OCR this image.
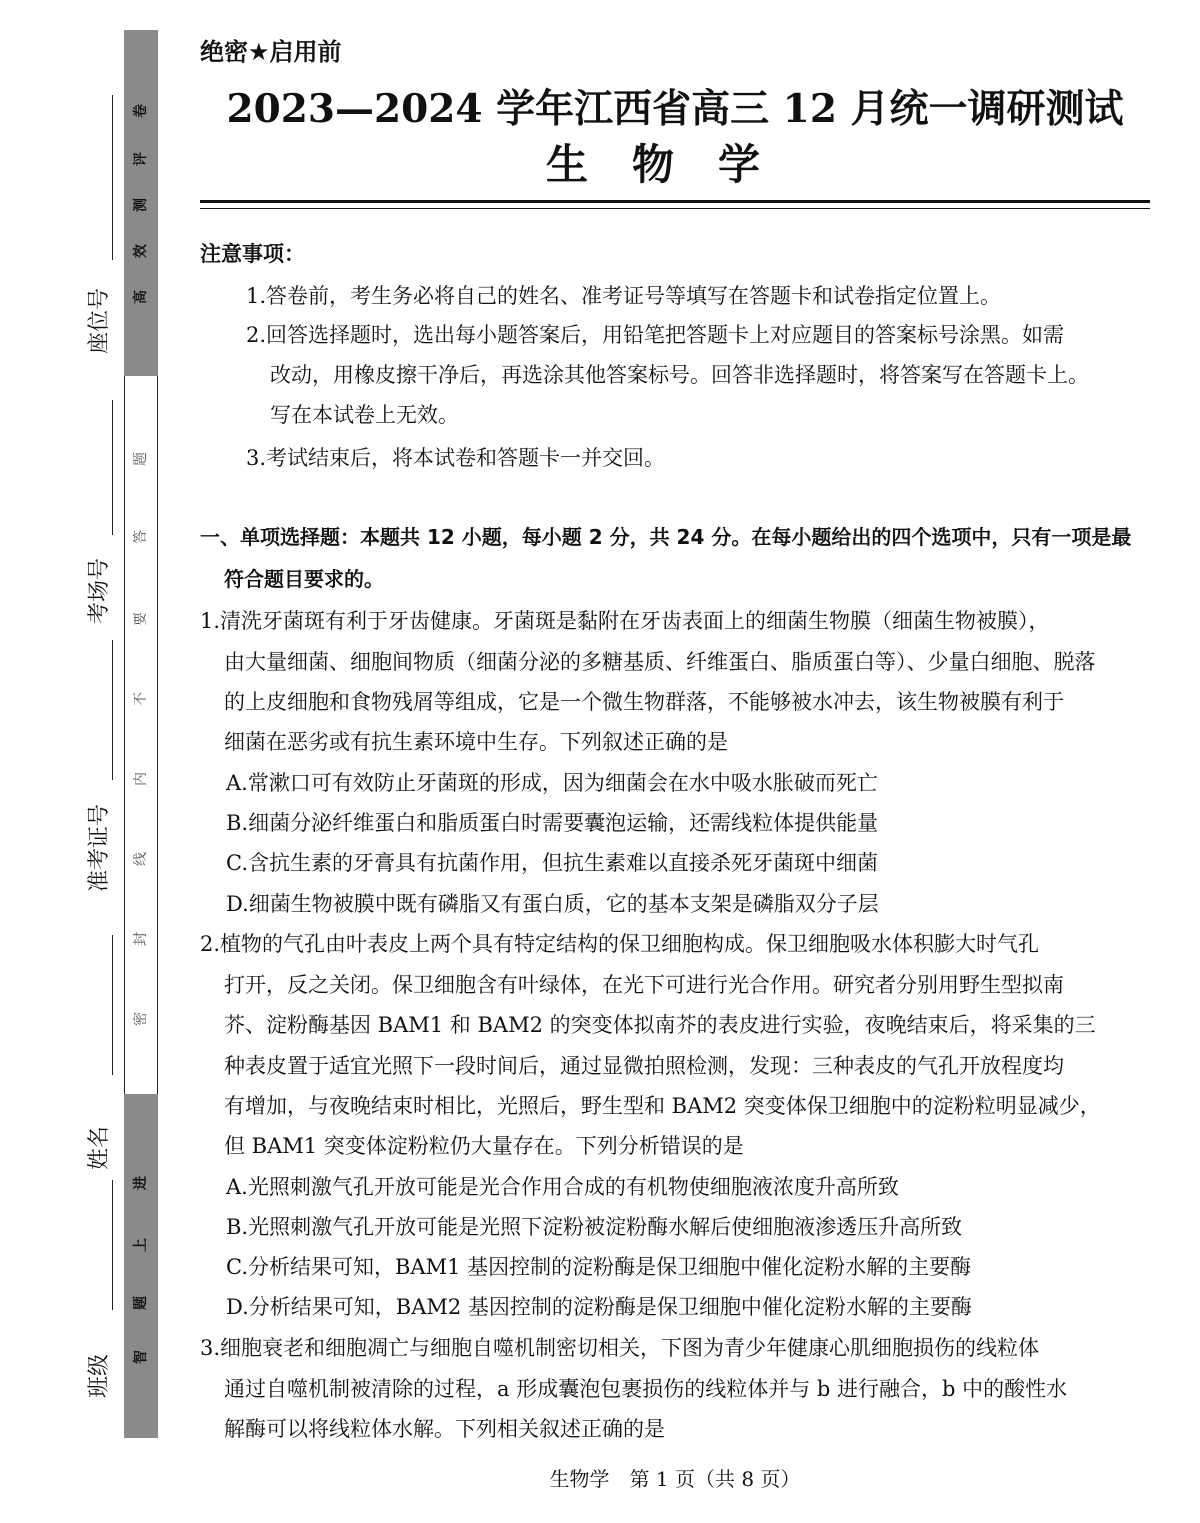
卷
评
测
效
高
题
答
要
不
内
线
封
密
进
上
题
智
座位号
考场号
准考证号
姓名
班级
绝密★启用前
2023—2024 学年江西省高三 12 月统一调研测试
生物学
注意事项：
1.答卷前，考生务必将自己的姓名、准考证号等填写在答题卡和试卷指定位置上。
2.回答选择题时，选出每小题答案后，用铅笔把答题卡上对应题目的答案标号涂黑。如需
改动，用橡皮擦干净后，再选涂其他答案标号。回答非选择题时，将答案写在答题卡上。
写在本试卷上无效。
3.考试结束后，将本试卷和答题卡一并交回。
一、单项选择题：本题共 12 小题，每小题 2 分，共 24 分。在每小题给出的四个选项中，只有一项是最
符合题目要求的。
1.清洗牙菌斑有利于牙齿健康。牙菌斑是黏附在牙齿表面上的细菌生物膜（细菌生物被膜），
由大量细菌、细胞间物质（细菌分泌的多糖基质、纤维蛋白、脂质蛋白等）、少量白细胞、脱落
的上皮细胞和食物残屑等组成，它是一个微生物群落，不能够被水冲去，该生物被膜有利于
细菌在恶劣或有抗生素环境中生存。下列叙述正确的是
A.常漱口可有效防止牙菌斑的形成，因为细菌会在水中吸水胀破而死亡
B.细菌分泌纤维蛋白和脂质蛋白时需要囊泡运输，还需线粒体提供能量
C.含抗生素的牙膏具有抗菌作用，但抗生素难以直接杀死牙菌斑中细菌
D.细菌生物被膜中既有磷脂又有蛋白质，它的基本支架是磷脂双分子层
2.植物的气孔由叶表皮上两个具有特定结构的保卫细胞构成。保卫细胞吸水体积膨大时气孔
打开，反之关闭。保卫细胞含有叶绿体，在光下可进行光合作用。研究者分别用野生型拟南
芥、淀粉酶基因 BAM1 和 BAM2 的突变体拟南芥的表皮进行实验，夜晚结束后，将采集的三
种表皮置于适宜光照下一段时间后，通过显微拍照检测，发现：三种表皮的气孔开放程度均
有增加，与夜晚结束时相比，光照后，野生型和 BAM2 突变体保卫细胞中的淀粉粒明显减少，
但 BAM1 突变体淀粉粒仍大量存在。下列分析错误的是
A.光照刺激气孔开放可能是光合作用合成的有机物使细胞液浓度升高所致
B.光照刺激气孔开放可能是光照下淀粉被淀粉酶水解后使细胞液渗透压升高所致
C.分析结果可知，BAM1 基因控制的淀粉酶是保卫细胞中催化淀粉水解的主要酶
D.分析结果可知，BAM2 基因控制的淀粉酶是保卫细胞中催化淀粉水解的主要酶
3.细胞衰老和细胞凋亡与细胞自噬机制密切相关，下图为青少年健康心肌细胞损伤的线粒体
通过自噬机制被清除的过程，a 形成囊泡包裹损伤的线粒体并与 b 进行融合，b 中的酸性水
解酶可以将线粒体水解。下列相关叙述正确的是
生物学　第 1 页（共 8 页）
